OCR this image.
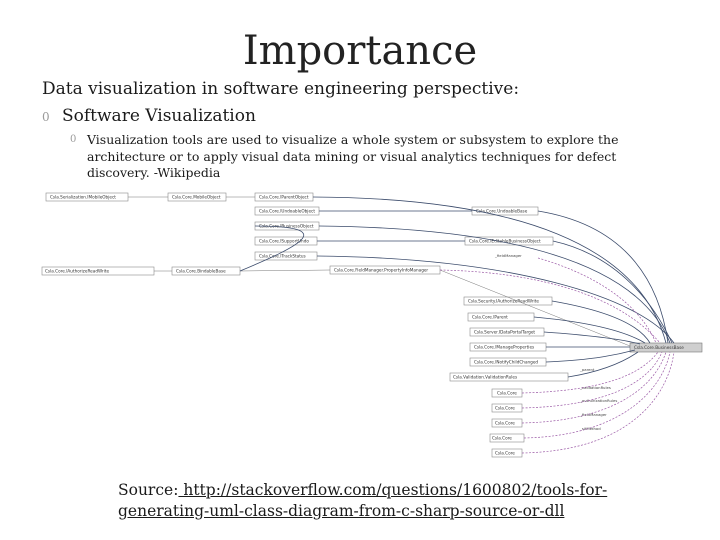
Importance
Data visualization in software engineering perspective:
0 Software Visualization
0 Visualization tools are used to visualize a whole system or subsystem to explore the architecture or to apply visual data mining or visual analytics techniques for defect discovery. -Wikipedia
Csla.Serialization.IMobileObject	Csla.Core.MobileObject	Csla.Core.IParentObject
Csla.Core.IUndoableObject	Csla.Core.UndoableBase
Csla.Core.IBusinessObject
Csla.Core.ISupportUndo	Csla.Core.IEditableBusinessObject
Csla.Core.ITrackStatus	_fieldManager
Csla.Core.IAuthorizeReadWrite	Csla.Core.BindableBase	Csla.Core.FieldManager.PropertyInfoManager
Csla.Security.IAuthorizeReadWrite
Csla.Core.IParent
Csla.Server.IDataPortalTarget
Csla.Core.IManageProperties
Csla.Core.INotifyChildChanged
_parent
Csla.Validation.ValidationRules
Csla.Core
_validationRules
Csla.Core
_authorizationRules
Csla.Core
_fieldManager
Csla.Core
_sitMethod
Csla.Core
Csla.Core.BusinessBase
Source: http://stackoverflow.com/questions/1600802/tools-for-generating-uml-class-diagram-from-c-sharp-source-or-dll
